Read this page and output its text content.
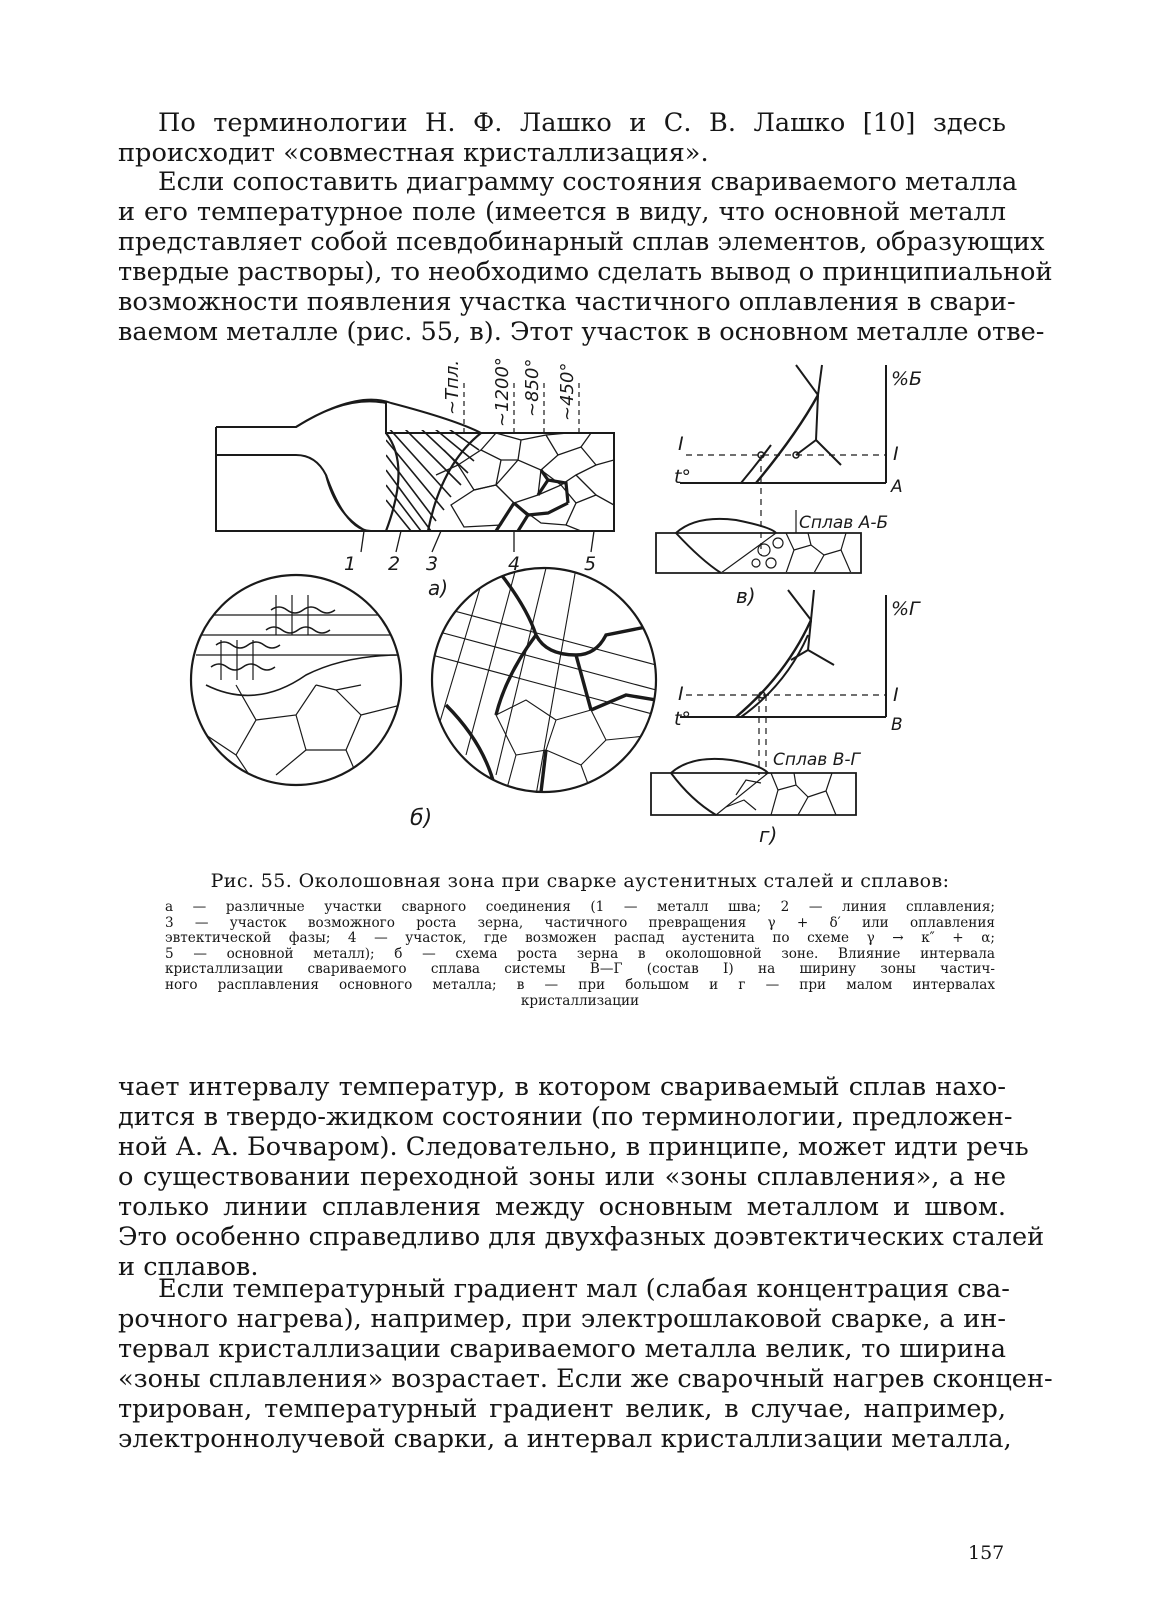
По терминологии Н. Ф. Лашко и С. В. Лашко [10] здесь
происходит «совместная кристаллизация».
Если сопоставить диаграмму состояния свариваемого металла
и его температурное поле (имеется в виду, что основной металл
представляет собой псевдобинарный сплав элементов, образующих
твердые растворы), то необходимо сделать вывод о принципиальной
возможности появления участка частичного оплавления в свари-
ваемом металле (рис. 55, в). Этот участок в основном металле отве-
~Tпл. ~1200° ~850° ~450°
1 2 3	4	5
а)
б)
%Б
I	I
t°	A
Сплав А-Б
в)
%Г
I	I
t°	В
Сплав В-Г
г)
Рис. 55. Околошовная зона при сварке аустенитных сталей и сплавов:
а — различные участки сварного соединения (1 — металл шва; 2 — линия сплавления;
3 — участок возможного роста зерна, частичного превращения γ + δ′ или оплавления
эвтектической фазы; 4 — участок, где возможен распад аустенита по схеме γ → к″ + α;
5 — основной металл); б — схема роста зерна в околошовной зоне. Влияние интервала
кристаллизации свариваемого сплава системы В—Г (состав I) на ширину зоны частич-
ного расплавления основного металла; в — при большом и г — при малом интервалах
кристаллизации
чает интервалу температур, в котором свариваемый сплав нахо-
дится в твердо-жидком состоянии (по терминологии, предложен-
ной А. А. Бочваром). Следовательно, в принципе, может идти речь
о существовании переходной зоны или «зоны сплавления», а не
только линии сплавления между основным металлом и швом.
Это особенно справедливо для двухфазных доэвтектических сталей
и сплавов.
Если температурный градиент мал (слабая концентрация сва-
рочного нагрева), например, при электрошлаковой сварке, а ин-
тервал кристаллизации свариваемого металла велик, то ширина
«зоны сплавления» возрастает. Если же сварочный нагрев сконцен-
трирован, температурный градиент велик, в случае, например,
электроннолучевой сварки, а интервал кристаллизации металла,
157
